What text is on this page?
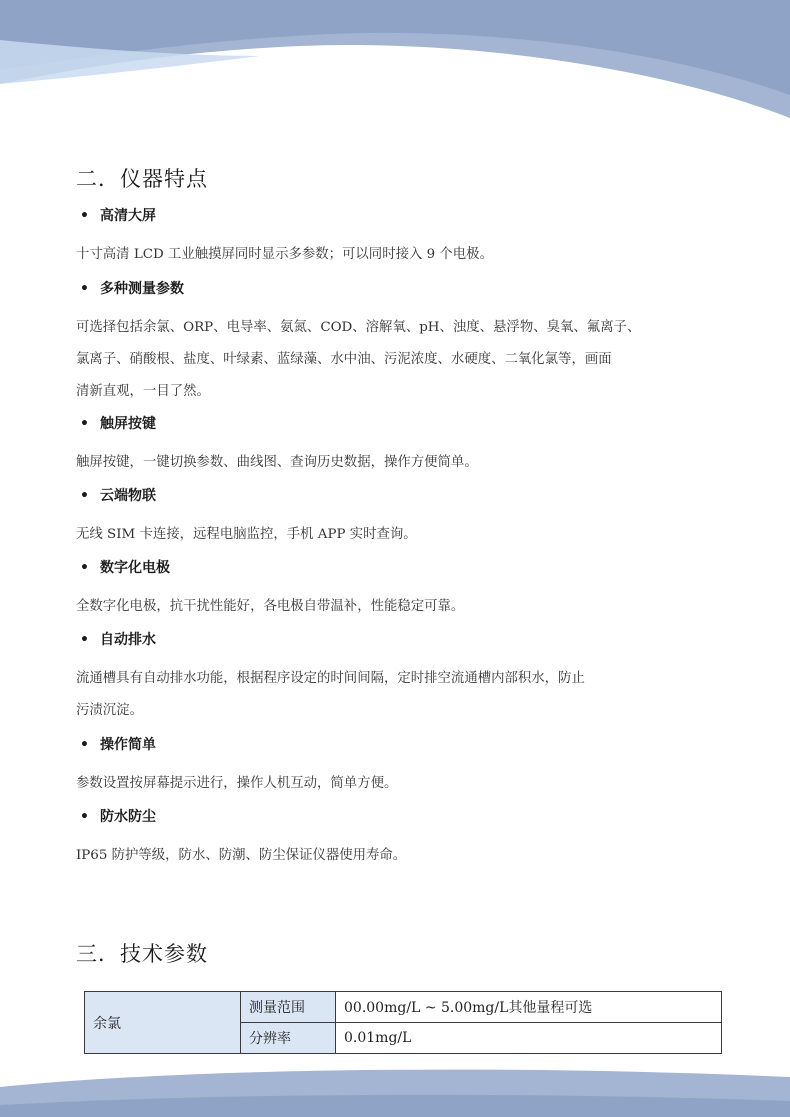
二．仪器特点
• 高清大屏
十寸高清 LCD 工业触摸屏同时显示多参数；可以同时接入 9 个电极。
• 多种测量参数
可选择包括余氯、ORP、电导率、氨氮、COD、溶解氧、pH、浊度、悬浮物、臭氧、氟离子、
氯离子、硝酸根、盐度、叶绿素、蓝绿藻、水中油、污泥浓度、水硬度、二氧化氯等，画面
清新直观，一目了然。
• 触屏按键
触屏按键，一键切换参数、曲线图、查询历史数据，操作方便简单。
• 云端物联
无线 SIM 卡连接，远程电脑监控，手机 APP 实时查询。
• 数字化电极
全数字化电极，抗干扰性能好，各电极自带温补，性能稳定可靠。
• 自动排水
流通槽具有自动排水功能，根据程序设定的时间间隔，定时排空流通槽内部积水，防止
污渍沉淀。
• 操作简单
参数设置按屏幕提示进行，操作人机互动，简单方便。
• 防水防尘
IP65 防护等级，防水、防潮、防尘保证仪器使用寿命。
三．技术参数
余氯	测量范围	00.00mg/L ~ 5.00mg/L其他量程可选
	分辨率	0.01mg/L
